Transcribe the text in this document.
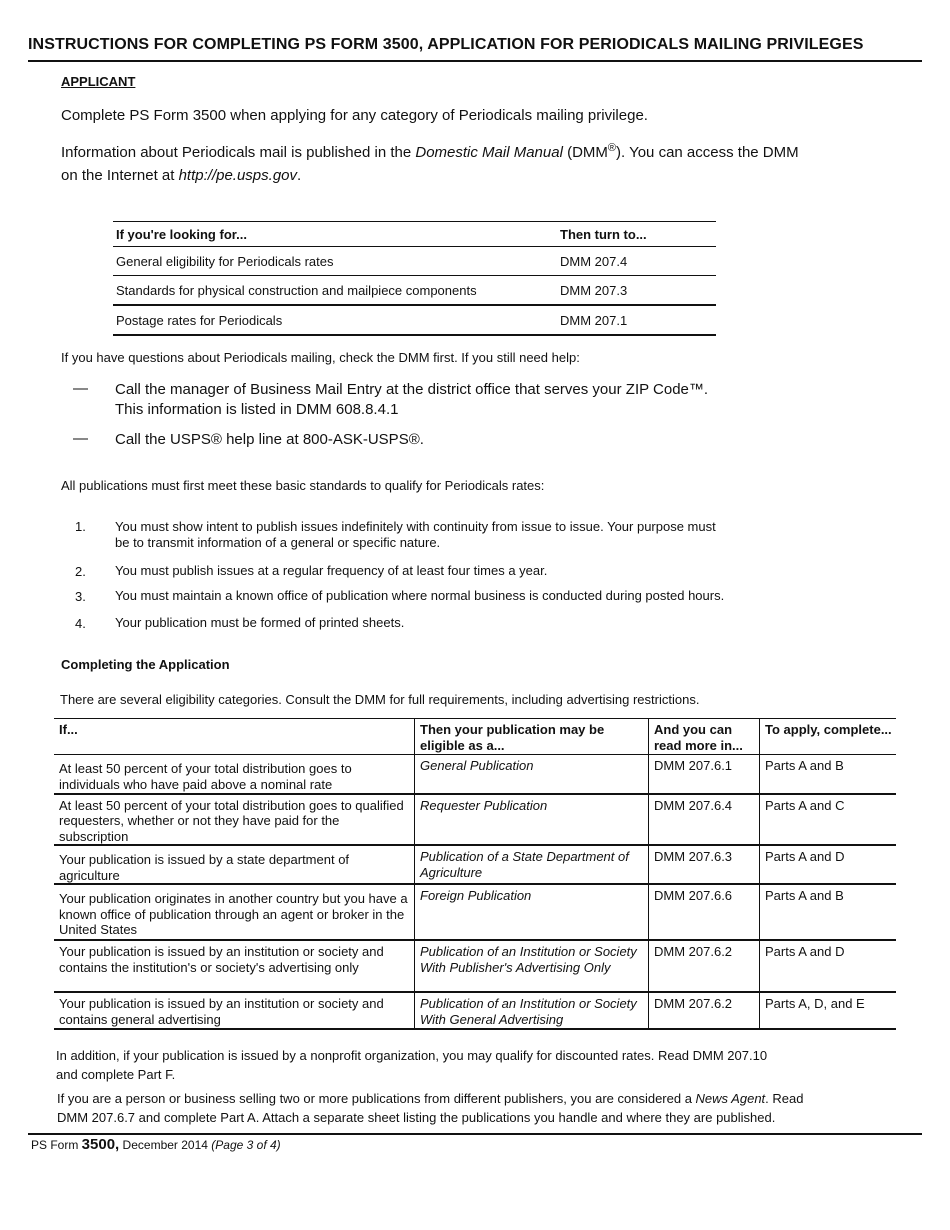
INSTRUCTIONS FOR COMPLETING PS FORM 3500, APPLICATION FOR PERIODICALS MAILING PRIVILEGES
APPLICANT
Complete PS Form 3500 when applying for any category of Periodicals mailing privilege.
Information about Periodicals mail is published in the Domestic Mail Manual (DMM®). You can access the DMM
on the Internet at http://pe.usps.gov.
If you're looking for...	Then turn to...
General eligibility for Periodicals rates	DMM 207.4
Standards for physical construction and mailpiece components	DMM 207.3
Postage rates for Periodicals	DMM 207.1
If you have questions about Periodicals mailing, check the DMM first. If you still need help:
— Call the manager of Business Mail Entry at the district office that serves your ZIP Code™.
This information is listed in DMM 608.8.4.1
— Call the USPS® help line at 800-ASK-USPS®.
All publications must first meet these basic standards to qualify for Periodicals rates:
1. You must show intent to publish issues indefinitely with continuity from issue to issue. Your purpose must
be to transmit information of a general or specific nature.
2. You must publish issues at a regular frequency of at least four times a year.
3. You must maintain a known office of publication where normal business is conducted during posted hours.
4. Your publication must be formed of printed sheets.
Completing the Application
There are several eligibility categories. Consult the DMM for full requirements, including advertising restrictions.
If...	Then your publication may be eligible as a...	And you can read more in...	To apply, complete...
At least 50 percent of your total distribution goes to individuals who have paid above a nominal rate	General Publication	DMM 207.6.1	Parts A and B
At least 50 percent of your total distribution goes to qualified requesters, whether or not they have paid for the subscription	Requester Publication	DMM 207.6.4	Parts A and C
Your publication is issued by a state department of agriculture	Publication of a State Department of Agriculture	DMM 207.6.3	Parts A and D
Your publication originates in another country but you have a known office of publication through an agent or broker in the United States	Foreign Publication	DMM 207.6.6	Parts A and B
Your publication is issued by an institution or society and contains the institution's or society's advertising only	Publication of an Institution or Society With Publisher's Advertising Only	DMM 207.6.2	Parts A and D
Your publication is issued by an institution or society and contains general advertising	Publication of an Institution or Society With General Advertising	DMM 207.6.2	Parts A, D, and E
In addition, if your publication is issued by a nonprofit organization, you may qualify for discounted rates. Read DMM 207.10
and complete Part F.
If you are a person or business selling two or more publications from different publishers, you are considered a News Agent. Read
DMM 207.6.7 and complete Part A. Attach a separate sheet listing the publications you handle and where they are published.
PS Form 3500, December 2014 (Page 3 of 4)
